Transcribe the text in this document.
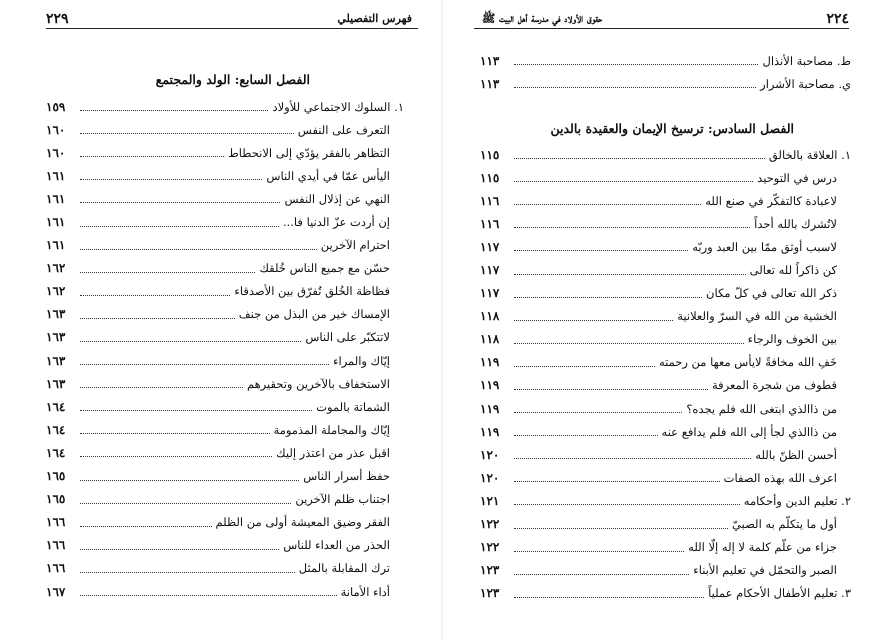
٢٢٩	فهرس التفصيلي
الفصل السابع: الولد والمجتمع
١. السلوك الاجتماعي للأولاد
١٥٩
التعرف على النفس
١٦٠
التظاهر بالفقر يؤدّي إلى الانحطاط
١٦٠
اليأس عمّا في أيدي الناس
١٦١
النهي عن إذلال النفس
١٦١
إن أردت عزّ الدنيا فا...
١٦١
احترام الآخرين
١٦١
حسّن مع جميع الناس خُلقك
١٦٢
فظاظة الخُلق تُفرّق بين الأصدقاء
١٦٢
الإمساك خير من البذل من جنف
١٦٣
لاتتكبّر على الناس
١٦٣
إيّاك والمراء
١٦٣
الاستخفاف بالآخرين وتحقيرهم
١٦٣
الشماتة بالموت
١٦٤
إيّاك والمجاملة المذمومة
١٦٤
اقبل عذر من اعتذر إليك
١٦٤
حفظ أسرار الناس
١٦٥
اجتناب ظلم الآخرين
١٦٥
الفقر وضيق المعيشة أولى من الظلم
١٦٦
الحذر من العداء للناس
١٦٦
ترك المقابلة بالمثل
١٦٦
أداء الأمانة
١٦٧
٢٢٤
حقوق الأولاد في مدرسة أهل البيت ﷺ
ط. مصاحبة الأنذال
١١٣
ي. مصاحبة الأشرار
١١٣
الفصل السادس: ترسيخ الإيمان والعقيدة بالدين
١. العلاقة بالخالق
١١٥
درس في التوحيد
١١٥
لاعبادة كالتفكّر في صنع الله
١١٦
لاتُشرك بالله أحداً
١١٦
لاسبب أوثق ممّا بين العبد وربّه
١١٧
كن ذاكراً لله تعالى
١١٧
ذكر الله تعالى في كلّ مكان
١١٧
الخشية من الله في السرّ والعلانية
١١٨
بين الخوف والرجاء
١١٨
خَفِ الله مخافةً لايأس معها من رحمته
١١٩
قطوف من شجرة المعرفة
١١٩
من ذاالذي ابتغى الله فلم يجده؟
١١٩
من ذاالذي لجأ إلى الله فلم يدافع عنه
١١٩
أحسن الظنّ بالله
١٢٠
اعرف الله بهذه الصفات
١٢٠
٢. تعليم الدين وأحكامه
١٢١
أول ما يتكلّم به الصبيّ
١٢٢
جزاء من علّم كلمة لا إله إلّا الله
١٢٢
الصبر والتحمّل في تعليم الأبناء
١٢٣
٣. تعليم الأطفال الأحكام عملياً
١٢٣
